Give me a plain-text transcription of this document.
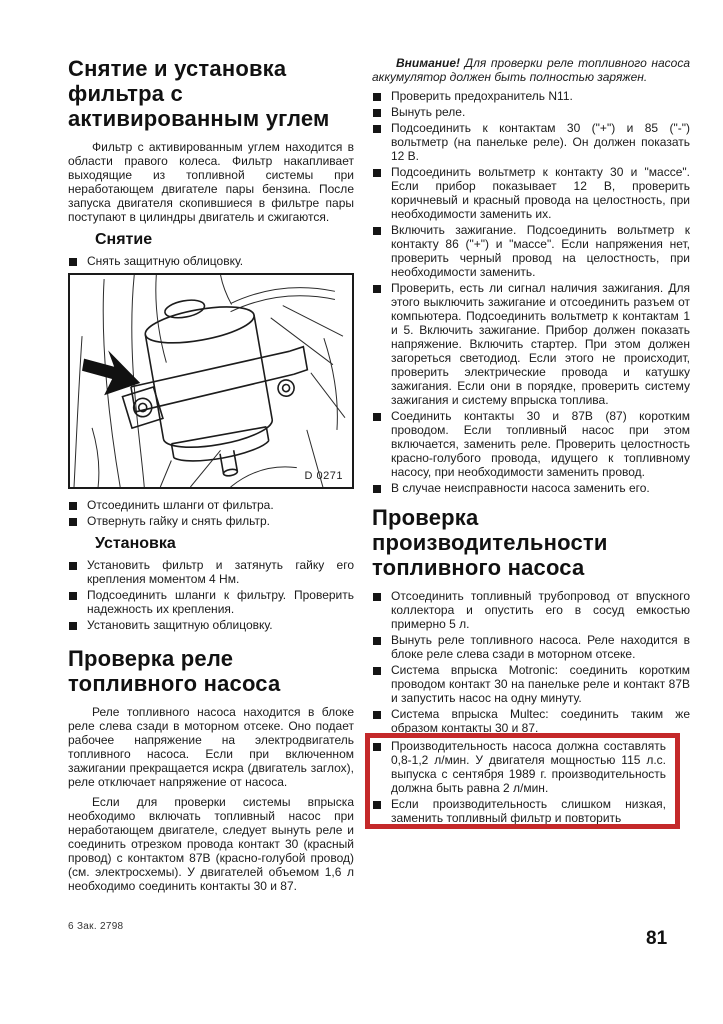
Снятие и установка фильтра с активированным углем

Фильтр с активированным углем находится в области правого колеса. Фильтр накапливает выходящие из топливной системы при неработающем двигателе пары бензина. После запуска двигателя скопившиеся в фильтре пары поступают в цилиндры двигатель и сжигаются.

Снятие
Снять защитную облицовку.
D 0271
Отсоединить шланги от фильтра.
Отвернуть гайку и снять фильтр.
Установка
Установить фильтр и затянуть гайку его крепления моментом 4 Нм.
Подсоединить шланги к фильтру. Проверить надежность их крепления.
Установить защитную облицовку.
Проверка реле топливного насоса

Реле топливного насоса находится в блоке реле слева сзади в моторном отсеке. Оно подает рабочее напряжение на электродвигатель топливного насоса. Если при включенном зажигании прекращается искра (двигатель заглох), реле отключает напряжение от насоса.

Если для проверки системы впрыска необходимо включать топливный насос при неработающем двигателе, следует вынуть реле и соединить отрезком провода контакт 30 (красный провод) с контактом 87В (красно-голубой провод) (см. электросхемы). У двигателей объемом 1,6 л необходимо соединить контакты 30 и 87.

Внимание! Для проверки реле топливного насоса аккумулятор должен быть полностью заряжен.

Проверить предохранитель N11.
Вынуть реле.
Подсоединить к контактам 30 ("+") и 85 ("-") вольтметр (на панельке реле). Он должен показать 12 В.
Подсоединить вольтметр к контакту 30 и "массе". Если прибор показывает 12 В, проверить коричневый и красный провода на целостность, при необходимости заменить их.
Включить зажигание. Подсоединить вольтметр к контакту 86 ("+") и "массе". Если напряжения нет, проверить черный провод на целостность, при необходимости заменить.
Проверить, есть ли сигнал наличия зажигания. Для этого выключить зажигание и отсоединить разъем от компьютера. Подсоединить вольтметр к контактам 1 и 5. Включить зажигание. Прибор должен показать напряжение. Включить стартер. При этом должен загореться светодиод. Если этого не происходит, проверить электрические провода и катушку зажигания. Если они в порядке, проверить систему зажигания и систему впрыска топлива.
Соединить контакты 30 и 87В (87) коротким проводом. Если топливный насос при этом включается, заменить реле. Проверить целостность красно-голубого провода, идущего к топливному насосу, при необходимости заменить провод.
В случае неисправности насоса заменить его.
Проверка производительности топливного насоса
Отсоединить топливный трубопровод от впускного коллектора и опустить его в сосуд емкостью примерно 5 л.
Вынуть реле топливного насоса. Реле находится в блоке реле слева сзади в моторном отсеке.
Система впрыска Motronic: соединить коротким проводом контакт 30 на панельке реле и контакт 87В и запустить насос на одну минуту.
Система впрыска Multec: соединить таким же образом контакты 30 и 87.
Производительность насоса должна составлять 0,8-1,2 л/мин. У двигателя мощностью 115 л.с. выпуска с сентября 1989 г. производительность должна быть равна 2 л/мин.
Если производительность слишком низкая, заменить топливный фильтр и повторить
6 Зак. 2798
81
